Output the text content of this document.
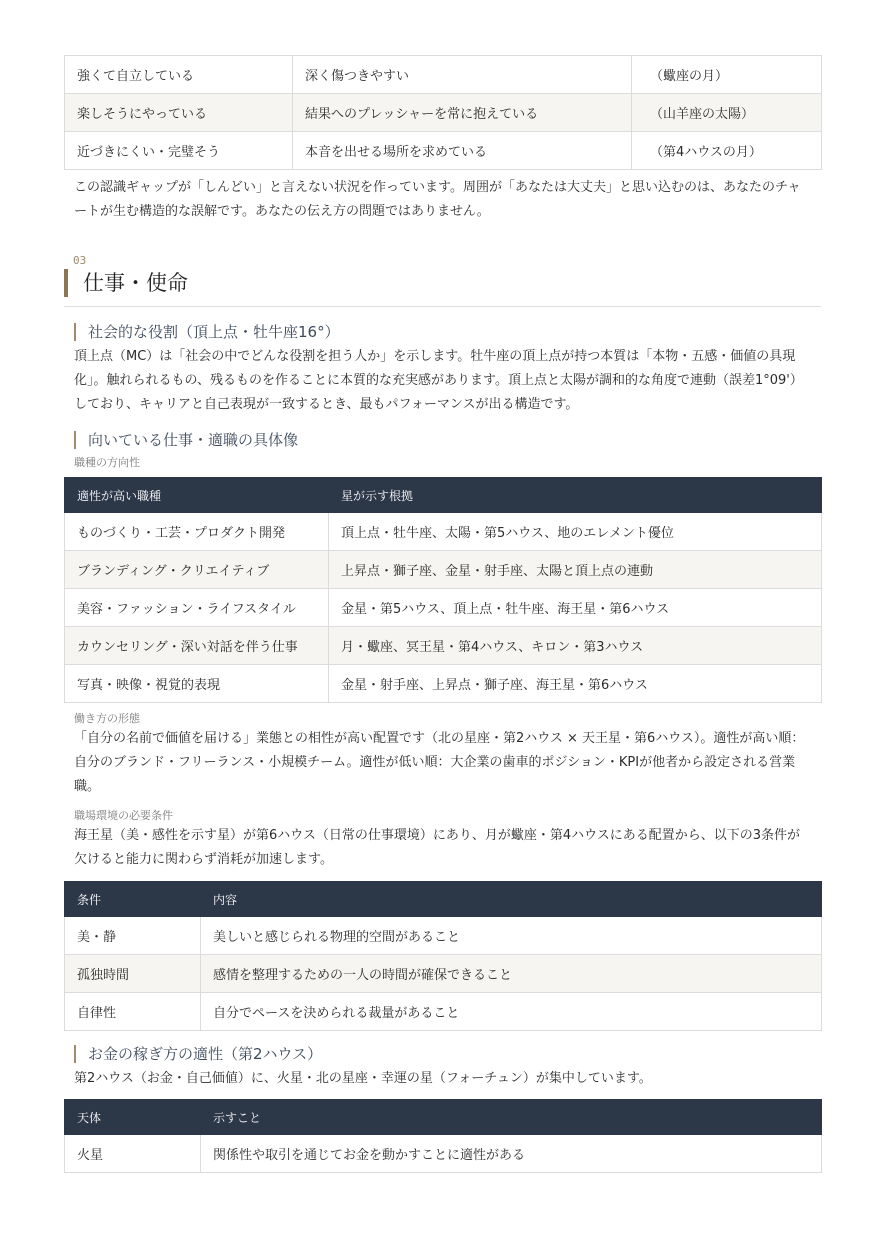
強くて自立している	深く傷つきやすい	（蠍座の月）
楽しそうにやっている	結果へのプレッシャーを常に抱えている	（山羊座の太陽）
近づきにくい・完璧そう	本音を出せる場所を求めている	（第4ハウスの月）

この認識ギャップが「しんどい」と言えない状況を作っています。周囲が「あなたは大丈夫」と思い込むのは、あなたのチャートが生む構造的な誤解です。あなたの伝え方の問題ではありません。

03
仕事・使命
社会的な役割（頂上点・牡牛座16°）

頂上点（MC）は「社会の中でどんな役割を担う人か」を示します。牡牛座の頂上点が持つ本質は「本物・五感・価値の具現化」。触れられるもの、残るものを作ることに本質的な充実感があります。頂上点と太陽が調和的な角度で連動（誤差1°09'）しており、キャリアと自己表現が一致するとき、最もパフォーマンスが出る構造です。

向いている仕事・適職の具体像
職種の方向性
適性が高い職種	星が示す根拠
ものづくり・工芸・プロダクト開発	頂上点・牡牛座、太陽・第5ハウス、地のエレメント優位
ブランディング・クリエイティブ	上昇点・獅子座、金星・射手座、太陽と頂上点の連動
美容・ファッション・ライフスタイル	金星・第5ハウス、頂上点・牡牛座、海王星・第6ハウス
カウンセリング・深い対話を伴う仕事	月・蠍座、冥王星・第4ハウス、キロン・第3ハウス
写真・映像・視覚的表現	金星・射手座、上昇点・獅子座、海王星・第6ハウス
働き方の形態

「自分の名前で価値を届ける」業態との相性が高い配置です（北の星座・第2ハウス × 天王星・第6ハウス）。適性が高い順：自分のブランド・フリーランス・小規模チーム。適性が低い順：大企業の歯車的ポジション・KPIが他者から設定される営業職。

職場環境の必要条件

海王星（美・感性を示す星）が第6ハウス（日常の仕事環境）にあり、月が蠍座・第4ハウスにある配置から、以下の3条件が欠けると能力に関わらず消耗が加速します。

条件	内容
美・静	美しいと感じられる物理的空間があること
孤独時間	感情を整理するための一人の時間が確保できること
自律性	自分でペースを決められる裁量があること
お金の稼ぎ方の適性（第2ハウス）

第2ハウス（お金・自己価値）に、火星・北の星座・幸運の星（フォーチュン）が集中しています。

天体	示すこと
火星	関係性や取引を通じてお金を動かすことに適性がある
